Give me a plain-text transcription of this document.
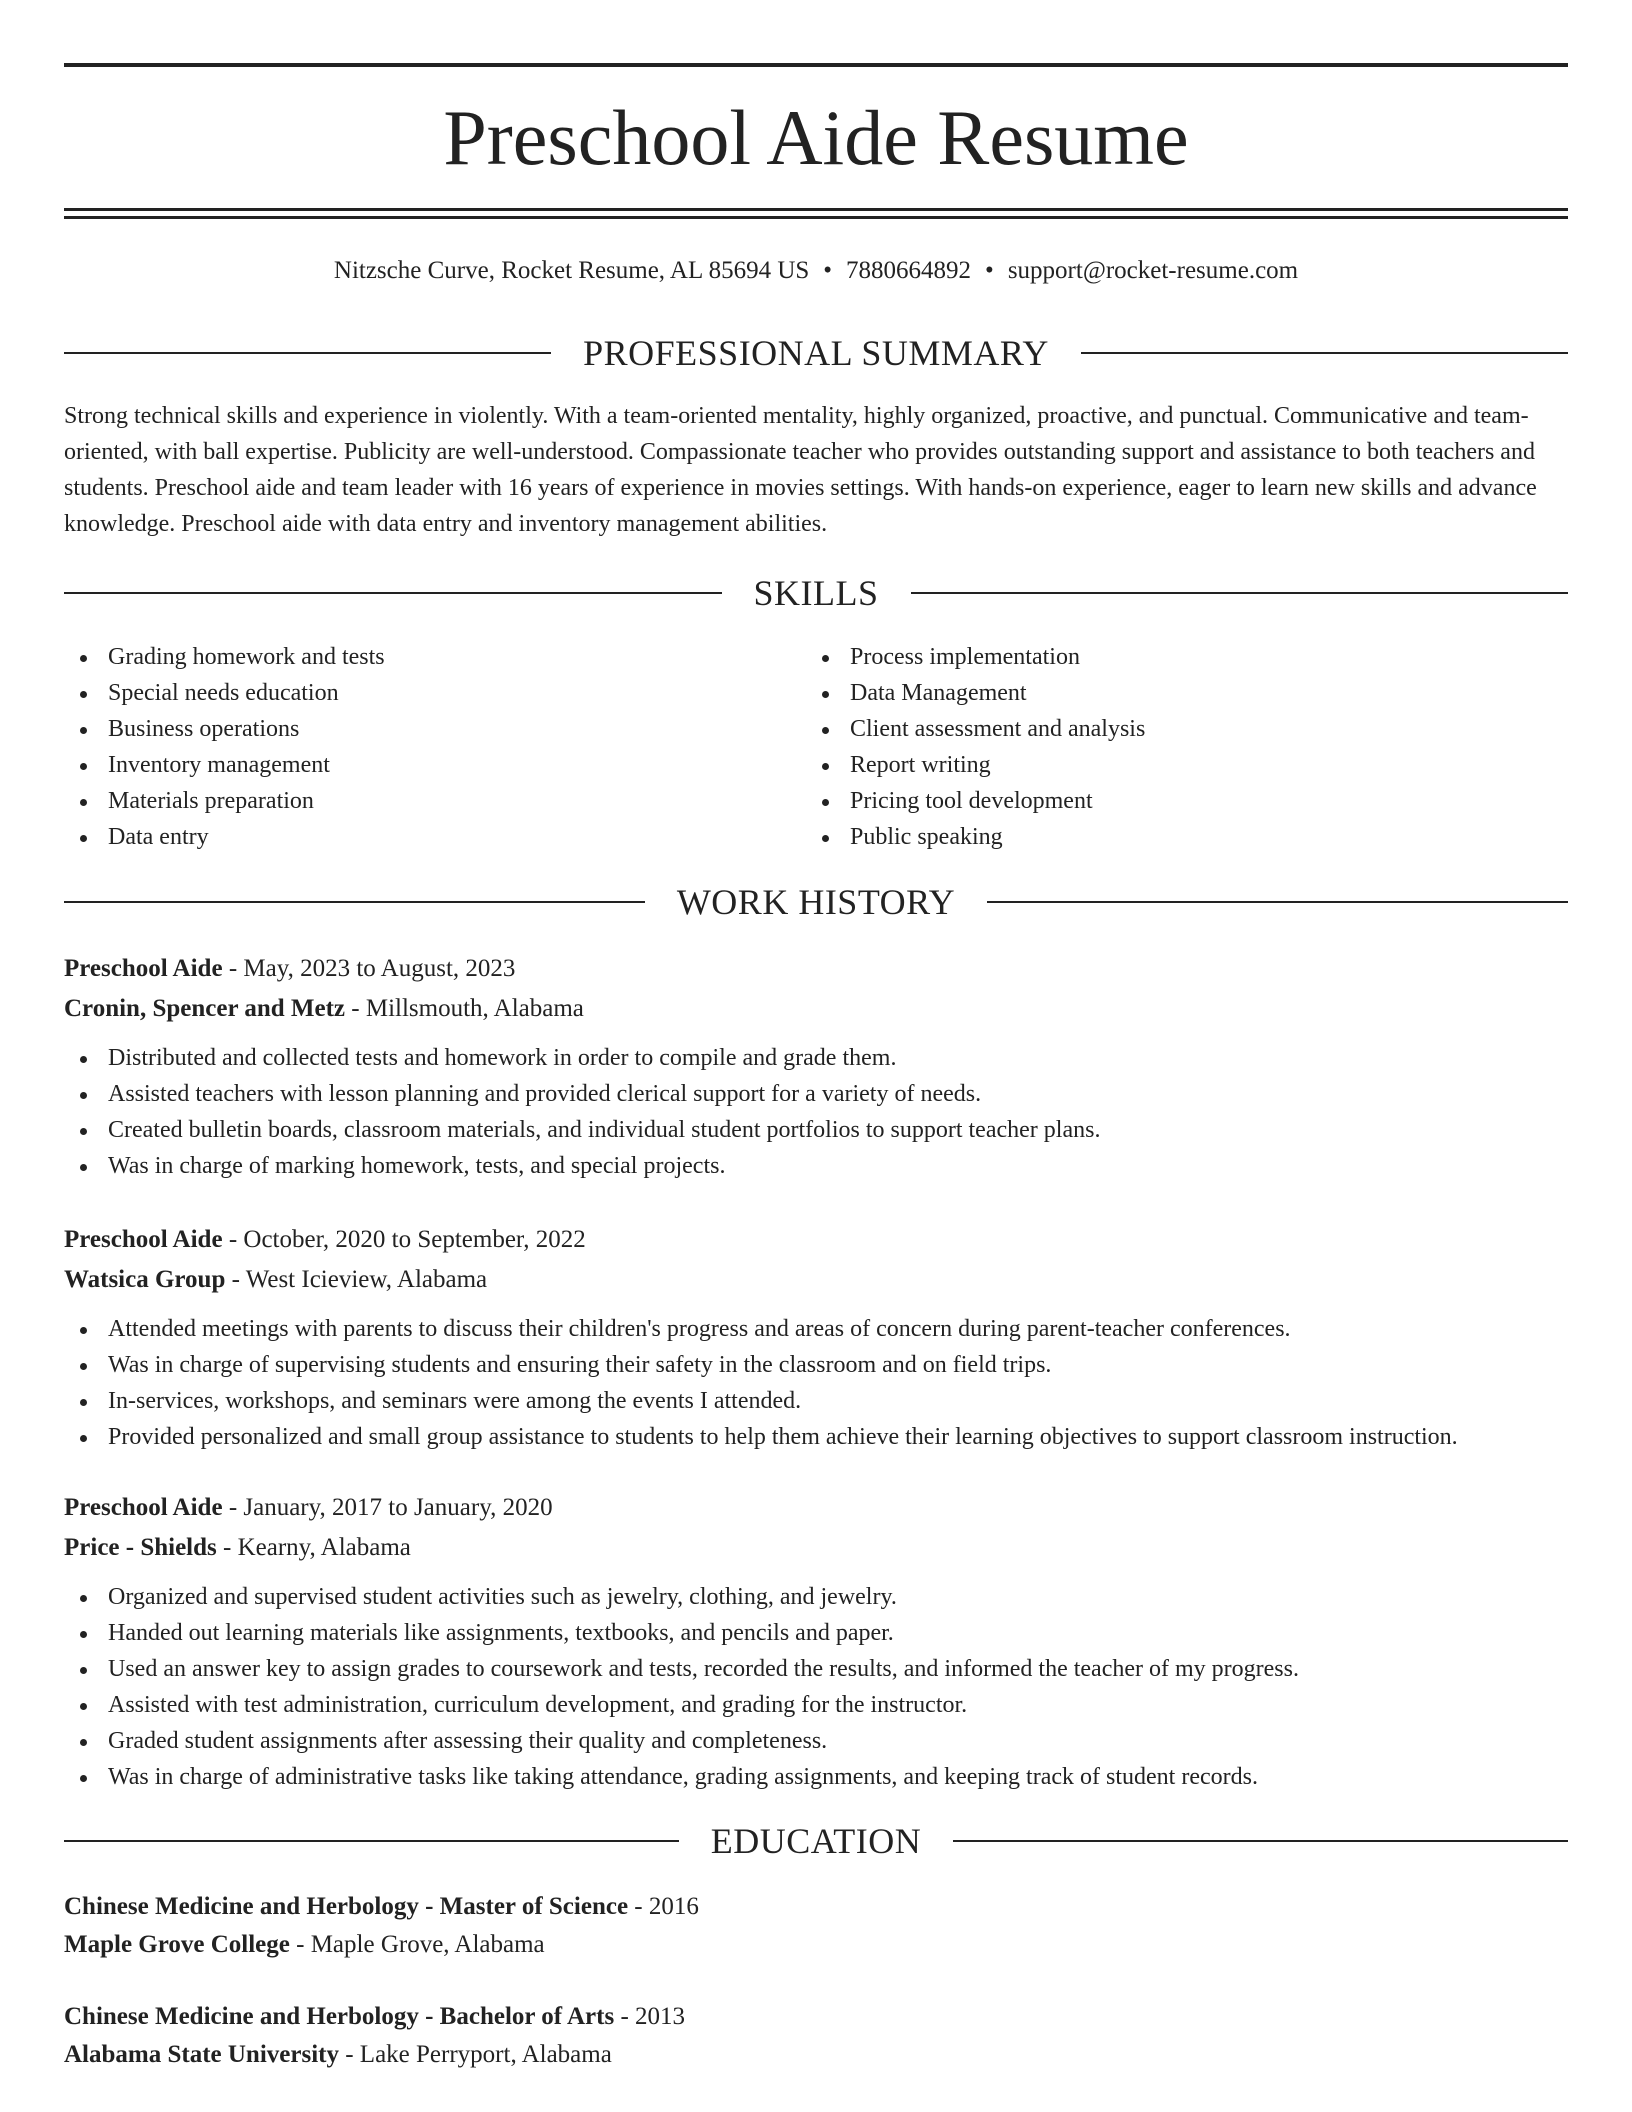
Preschool Aide Resume
Nitzsche Curve, Rocket Resume, AL 85694 US • 7880664892 • support@rocket-resume.com
PROFESSIONAL SUMMARY

Strong technical skills and experience in violently. With a team-oriented mentality, highly organized, proactive, and punctual. Communicative and team-oriented, with ball expertise. Publicity are well-understood. Compassionate teacher who provides outstanding support and assistance to both teachers and students. Preschool aide and team leader with 16 years of experience in movies settings. With hands-on experience, eager to learn new skills and advance knowledge. Preschool aide with data entry and inventory management abilities.

SKILLS
Grading homework and tests
Special needs education
Business operations
Inventory management
Materials preparation
Data entry
Process implementation
Data Management
Client assessment and analysis
Report writing
Pricing tool development
Public speaking
WORK HISTORY
Preschool Aide - May, 2023 to August, 2023
Cronin, Spencer and Metz - Millsmouth, Alabama
Distributed and collected tests and homework in order to compile and grade them.
Assisted teachers with lesson planning and provided clerical support for a variety of needs.
Created bulletin boards, classroom materials, and individual student portfolios to support teacher plans.
Was in charge of marking homework, tests, and special projects.
Preschool Aide - October, 2020 to September, 2022
Watsica Group - West Icieview, Alabama
Attended meetings with parents to discuss their children's progress and areas of concern during parent-teacher conferences.
Was in charge of supervising students and ensuring their safety in the classroom and on field trips.
In-services, workshops, and seminars were among the events I attended.
Provided personalized and small group assistance to students to help them achieve their learning objectives to support classroom instruction.
Preschool Aide - January, 2017 to January, 2020
Price - Shields - Kearny, Alabama
Organized and supervised student activities such as jewelry, clothing, and jewelry.
Handed out learning materials like assignments, textbooks, and pencils and paper.
Used an answer key to assign grades to coursework and tests, recorded the results, and informed the teacher of my progress.
Assisted with test administration, curriculum development, and grading for the instructor.
Graded student assignments after assessing their quality and completeness.
Was in charge of administrative tasks like taking attendance, grading assignments, and keeping track of student records.
EDUCATION
Chinese Medicine and Herbology - Master of Science - 2016
Maple Grove College - Maple Grove, Alabama
Chinese Medicine and Herbology - Bachelor of Arts - 2013
Alabama State University - Lake Perryport, Alabama
